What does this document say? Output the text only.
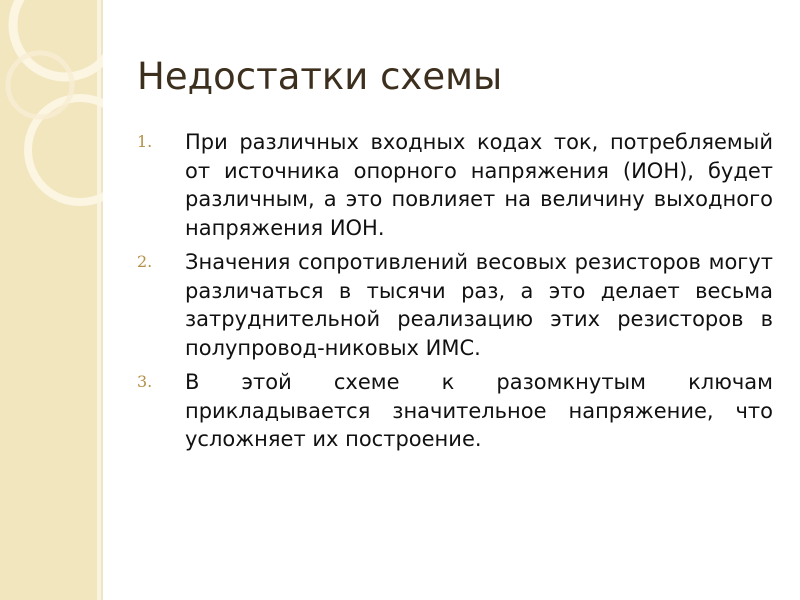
Недостатки схемы
1. При различных входных кодах ток, потребляемый от источника опорного напряжения (ИОН), будет различным, а это повлияет на величину выходного напряжения ИОН.
2. Значения сопротивлений весовых резисторов могут различаться в тысячи раз, а это делает весьма затруднительной реализацию этих резисторов в полупровод-никовых ИМС.
3. В этой схеме к разомкнутым ключам прикладывается значительное напряжение, что усложняет их построение.
